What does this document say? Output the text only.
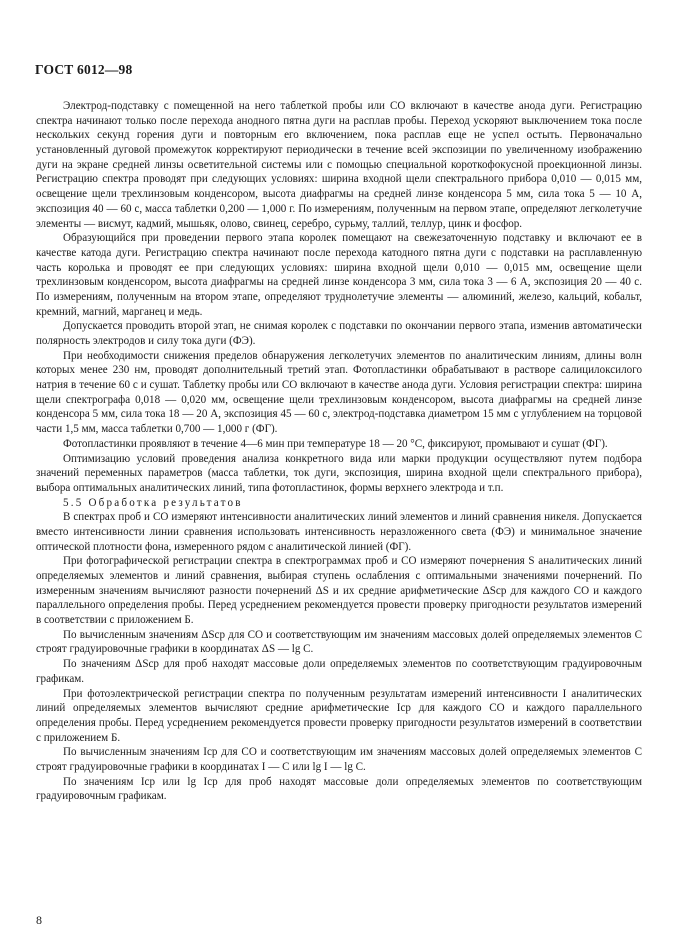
ГОСТ 6012—98

Электрод-подставку с помещенной на него таблеткой пробы или СО включают в качестве анода дуги. Регистрацию спектра начинают только после перехода анодного пятна дуги на расплав пробы. Переход ускоряют выключением тока после нескольких секунд горения дуги и повторным его включением, пока расплав еще не успел остыть. Первоначально установленный дуговой промежуток корректируют периодически в течение всей экспозиции по увеличенному изображению дуги на экране средней линзы осветительной системы или с помощью специальной короткофокусной проекционной линзы. Регистрацию спектра проводят при следующих условиях: ширина входной щели спектрального прибора 0,010 — 0,015 мм, освещение щели трехлинзовым конденсором, высота диафрагмы на средней линзе конденсора 5 мм, сила тока 5 — 10 А, экспозиция 40 — 60 с, масса таблетки 0,200 — 1,000 г. По измерениям, полученным на первом этапе, определяют легколетучие элементы — висмут, кадмий, мышьяк, олово, свинец, серебро, сурьму, таллий, теллур, цинк и фосфор.

Образующийся при проведении первого этапа королек помещают на свежезаточенную подставку и включают ее в качестве катода дуги. Регистрацию спектра начинают после перехода катодного пятна дуги с подставки на расплавленную часть королька и проводят ее при следующих условиях: ширина входной щели 0,010 — 0,015 мм, освещение щели трехлинзовым конденсором, высота диафрагмы на средней линзе конденсора 3 мм, сила тока 3 — 6 А, экспозиция 20 — 40 с. По измерениям, полученным на втором этапе, определяют труднолетучие элементы — алюминий, железо, кальций, кобальт, кремний, магний, марганец и медь.

Допускается проводить второй этап, не снимая королек с подставки по окончании первого этапа, изменив автоматически полярность электродов и силу тока дуги (ФЭ).

При необходимости снижения пределов обнаружения легколетучих элементов по аналитическим линиям, длины волн которых менее 230 нм, проводят дополнительный третий этап. Фотопластинки обрабатывают в растворе салицилоксилого натрия в течение 60 с и сушат. Таблетку пробы или СО включают в качестве анода дуги. Условия регистрации спектра: ширина щели спектрографа 0,018 — 0,020 мм, освещение щели трехлинзовым конденсором, высота диафрагмы на средней линзе конденсора 5 мм, сила тока 18 — 20 А, экспозиция 45 — 60 с, электрод-подставка диаметром 15 мм с углублением на торцовой части 1,5 мм, масса таблетки 0,700 — 1,000 г (ФГ).

Фотопластинки проявляют в течение 4—6 мин при температуре 18 — 20 °С, фиксируют, промывают и сушат (ФГ).

Оптимизацию условий проведения анализа конкретного вида или марки продукции осуществляют путем подбора значений переменных параметров (масса таблетки, ток дуги, экспозиция, ширина входной щели спектрального прибора), выбора оптимальных аналитических линий, типа фотопластинок, формы верхнего электрода и т.п.

5.5 Обработка результатов

В спектрах проб и СО измеряют интенсивности аналитических линий элементов и линий сравнения никеля. Допускается вместо интенсивности линии сравнения использовать интенсивность неразложенного света (ФЭ) и минимальное значение оптической плотности фона, измеренного рядом с аналитической линией (ФГ).

При фотографической регистрации спектра в спектрограммах проб и СО измеряют почернения S аналитических линий определяемых элементов и линий сравнения, выбирая ступень ослабления с оптимальными значениями почернений. По измеренным значениям вычисляют разности почернений ΔS и их средние арифметические ΔSср для каждого СО и каждого параллельного определения пробы. Перед усреднением рекомендуется провести проверку пригодности результатов измерений в соответствии с приложением Б.

По вычисленным значениям ΔSср для СО и соответствующим им значениям массовых долей определяемых элементов С строят градуировочные графики в координатах ΔS — lg C.

По значениям ΔSср для проб находят массовые доли определяемых элементов по соответствующим градуировочным графикам.

При фотоэлектрической регистрации спектра по полученным результатам измерений интенсивности I аналитических линий определяемых элементов вычисляют средние арифметические Iср для каждого СО и каждого параллельного определения пробы. Перед усреднением рекомендуется провести проверку пригодности результатов измерений в соответствии с приложением Б.

По вычисленным значениям Iср для СО и соответствующим им значениям массовых долей определяемых элементов С строят градуировочные графики в координатах I — C или lg I — lg C.

По значениям Iср или lg Iср для проб находят массовые доли определяемых элементов по соответствующим градуировочным графикам.

8
